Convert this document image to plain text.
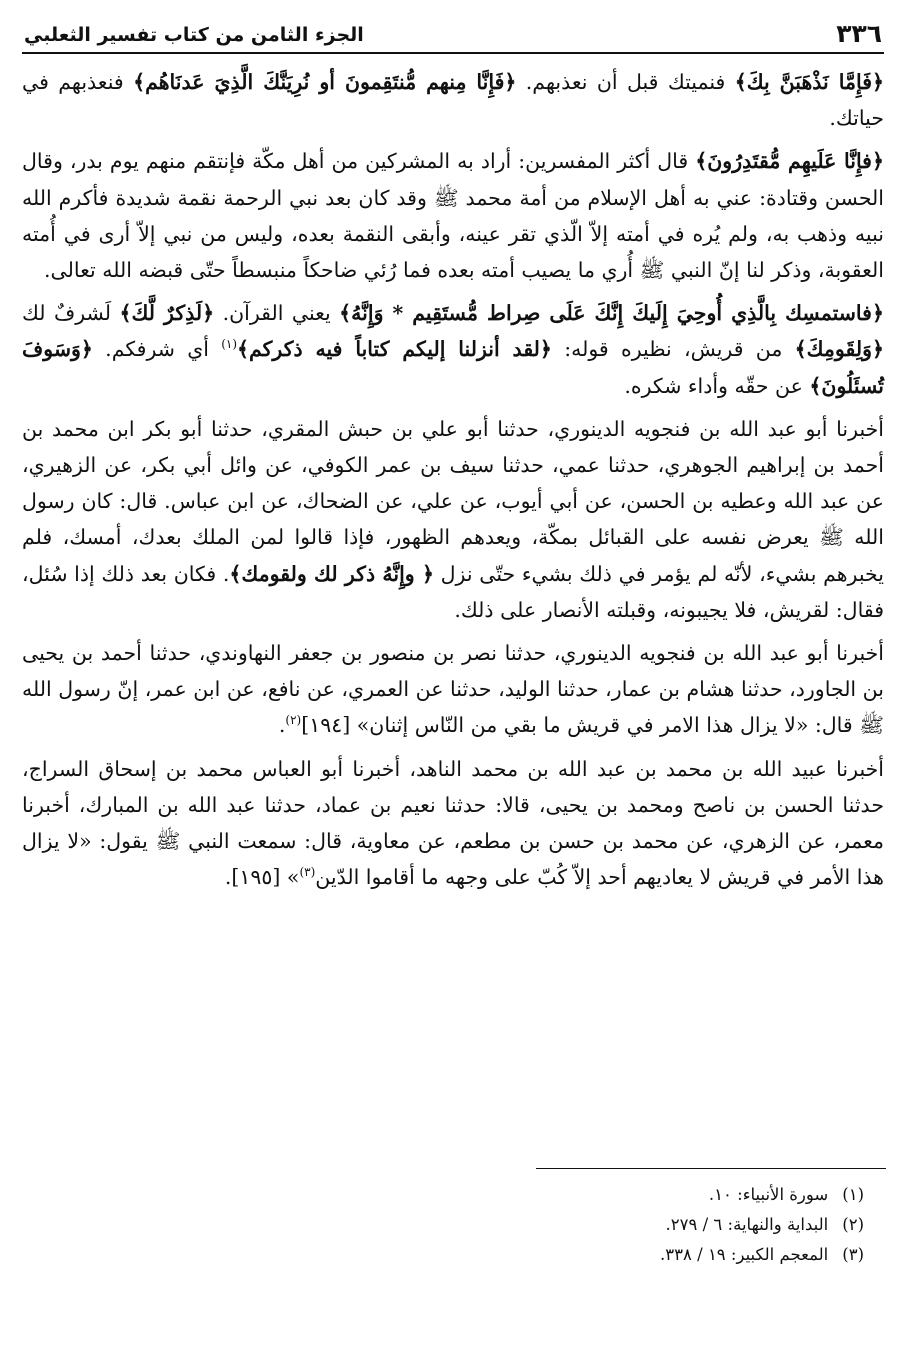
٣٣٦
الجزء الثامن من كتاب تفسير الثعلبي

﴿فَإِمَّا نَذْهَبَنَّ بِكَ﴾ فنميتك قبل أن نعذبهم. ﴿فَإِنَّا مِنهم مُّنتَقِمونَ أو نُرِيَنَّكَ الَّذِيَ عَدنَاهُم﴾ فنعذبهم في حياتك.

﴿فإِنَّا عَلَيهِم مُّقتَدِرُونَ﴾ قال أكثر المفسرين: أراد به المشركين من أهل مكّة فإنتقم منهم يوم بدر، وقال الحسن وقتادة: عني به أهل الإسلام من أمة محمد ﷺ وقد كان بعد نبي الرحمة نقمة شديدة فأكرم الله نبيه وذهب به، ولم يُره في أمته إلاّ الّذي تقر عينه، وأبقى النقمة بعده، وليس من نبي إلاّ أرى في أُمته العقوبة، وذكر لنا إنّ النبي ﷺ أُري ما يصيب أمته بعده فما رُئي ضاحكاً منبسطاً حتّى قبضه الله تعالى.

﴿فاستمسِك بِالَّذِي أُوحِيَ إِلَيكَ إِنَّكَ عَلَى صِراط مُّستَقِيم * وَإِنَّهُ﴾ يعني القرآن. ﴿لَذِكرٌ لَّكَ﴾ لَشرفٌ لك ﴿وَلِقَومِكَ﴾ من قريش، نظيره قوله: ﴿لقد أنزلنا إليكم كتاباً فيه ذكركم﴾$^{(١)}$ أي شرفكم. ﴿وَسَوفَ تُسئَلُونَ﴾ عن حقّه وأداء شكره.

أخبرنا أبو عبد الله بن فنجويه الدينوري، حدثنا أبو علي بن حبش المقري، حدثنا أبو بكر ابن محمد بن أحمد بن إبراهيم الجوهري، حدثنا عمي، حدثنا سيف بن عمر الكوفي، عن وائل أبي بكر، عن الزهيري، عن عبد الله وعطيه بن الحسن، عن أبي أيوب، عن علي، عن الضحاك، عن ابن عباس. قال: كان رسول الله ﷺ يعرض نفسه على القبائل بمكّة، ويعدهم الظهور، فإذا قالوا لمن الملك بعدك، أمسك، فلم يخبرهم بشيء، لأنّه لم يؤمر في ذلك بشيء حتّى نزل ﴿ وإِنَّهُ ذكر لك ولقومك﴾. فكان بعد ذلك إذا سُئل، فقال: لقريش، فلا يجيبونه، وقبلته الأنصار على ذلك.

أخبرنا أبو عبد الله بن فنجويه الدينوري، حدثنا نصر بن منصور بن جعفر النهاوندي، حدثنا أحمد بن يحيى بن الجاورد، حدثنا هشام بن عمار، حدثنا الوليد، حدثنا عن العمري، عن نافع، عن ابن عمر، إنّ رسول الله ﷺ قال: «لا يزال هذا الامر في قريش ما بقي من النّاس إثنان» [١٩٤]$^{(٢)}$.

أخبرنا عبيد الله بن محمد بن عبد الله بن محمد الناهد، أخبرنا أبو العباس محمد بن إسحاق السراج، حدثنا الحسن بن ناصح ومحمد بن يحيى، قالا: حدثنا نعيم بن عماد، حدثنا عبد الله بن المبارك، أخبرنا معمر، عن الزهري، عن محمد بن حسن بن مطعم، عن معاوية، قال: سمعت النبي ﷺ يقول: «لا يزال هذا الأمر في قريش لا يعاديهم أحد إلاّ كُبّ على وجهه ما أقاموا الدّين$^{(٣)}$» [١٩٥].

(١)سورة الأنبياء: ١٠.

(٢)البداية والنهاية: ٦ / ٢٧٩.

(٣)المعجم الكبير: ١٩ / ٣٣٨.
